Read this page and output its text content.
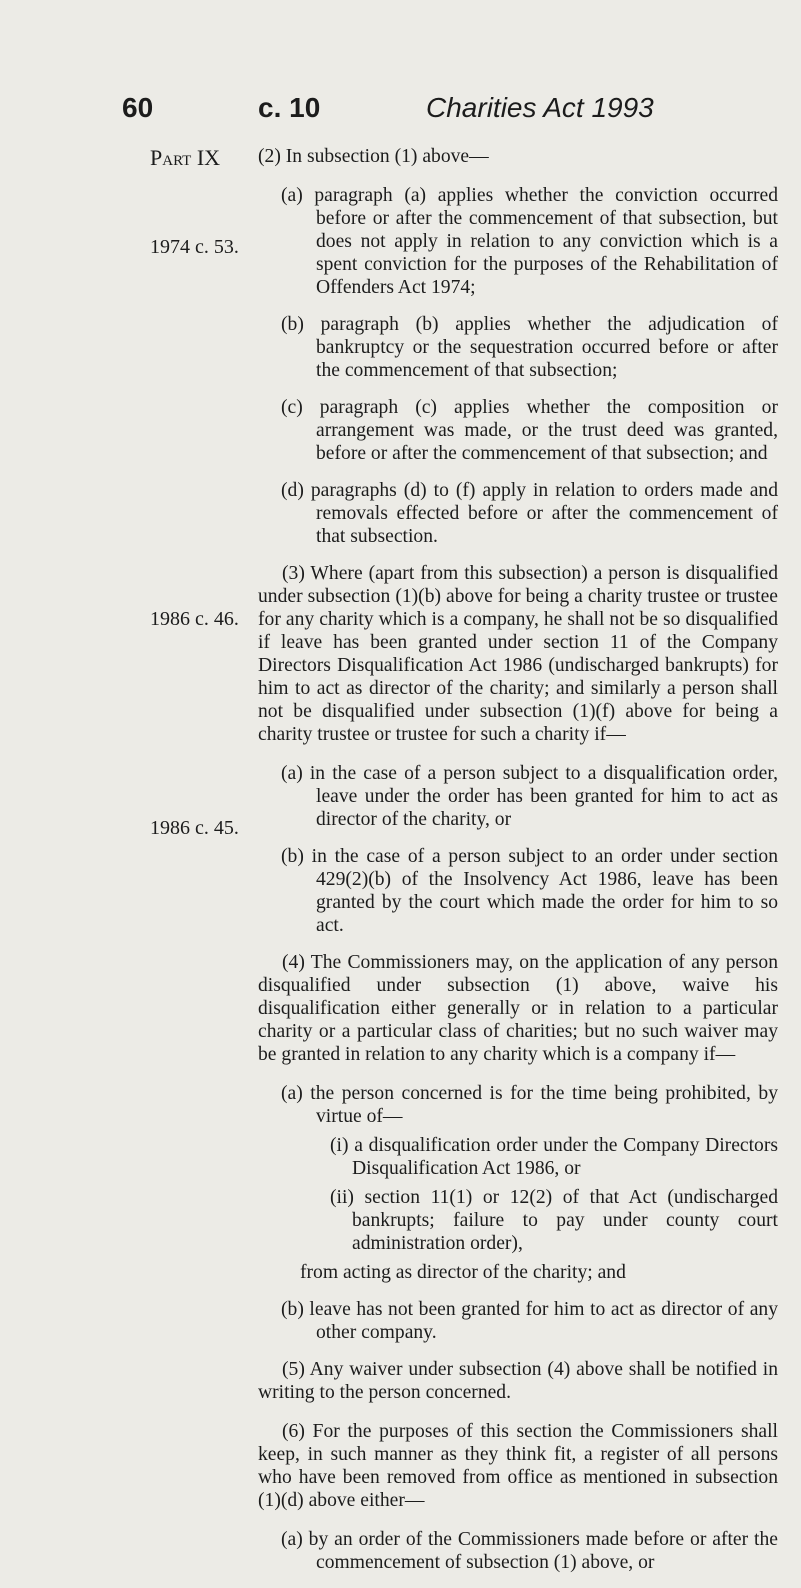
60	c. 10	Charities Act 1993
Part IX
1974 c. 53.
1986 c. 46.
1986 c. 45.

(2) In subsection (1) above—

(a) paragraph (a) applies whether the conviction occurred before or after the commencement of that subsection, but does not apply in relation to any conviction which is a spent conviction for the purposes of the Rehabilitation of Offenders Act 1974;

(b) paragraph (b) applies whether the adjudication of bankruptcy or the sequestration occurred before or after the commencement of that subsection;

(c) paragraph (c) applies whether the composition or arrangement was made, or the trust deed was granted, before or after the commencement of that subsection; and

(d) paragraphs (d) to (f) apply in relation to orders made and removals effected before or after the commencement of that subsection.

(3) Where (apart from this subsection) a person is disqualified under subsection (1)(b) above for being a charity trustee or trustee for any charity which is a company, he shall not be so disqualified if leave has been granted under section 11 of the Company Directors Disqualification Act 1986 (undischarged bankrupts) for him to act as director of the charity; and similarly a person shall not be disqualified under subsection (1)(f) above for being a charity trustee or trustee for such a charity if—

(a) in the case of a person subject to a disqualification order, leave under the order has been granted for him to act as director of the charity, or

(b) in the case of a person subject to an order under section 429(2)(b) of the Insolvency Act 1986, leave has been granted by the court which made the order for him to so act.

(4) The Commissioners may, on the application of any person disqualified under subsection (1) above, waive his disqualification either generally or in relation to a particular charity or a particular class of charities; but no such waiver may be granted in relation to any charity which is a company if—

(a) the person concerned is for the time being prohibited, by virtue of—

(i) a disqualification order under the Company Directors Disqualification Act 1986, or

(ii) section 11(1) or 12(2) of that Act (undischarged bankrupts; failure to pay under county court administration order),

from acting as director of the charity; and

(b) leave has not been granted for him to act as director of any other company.

(5) Any waiver under subsection (4) above shall be notified in writing to the person concerned.

(6) For the purposes of this section the Commissioners shall keep, in such manner as they think fit, a register of all persons who have been removed from office as mentioned in subsection (1)(d) above either—

(a) by an order of the Commissioners made before or after the commencement of subsection (1) above, or
